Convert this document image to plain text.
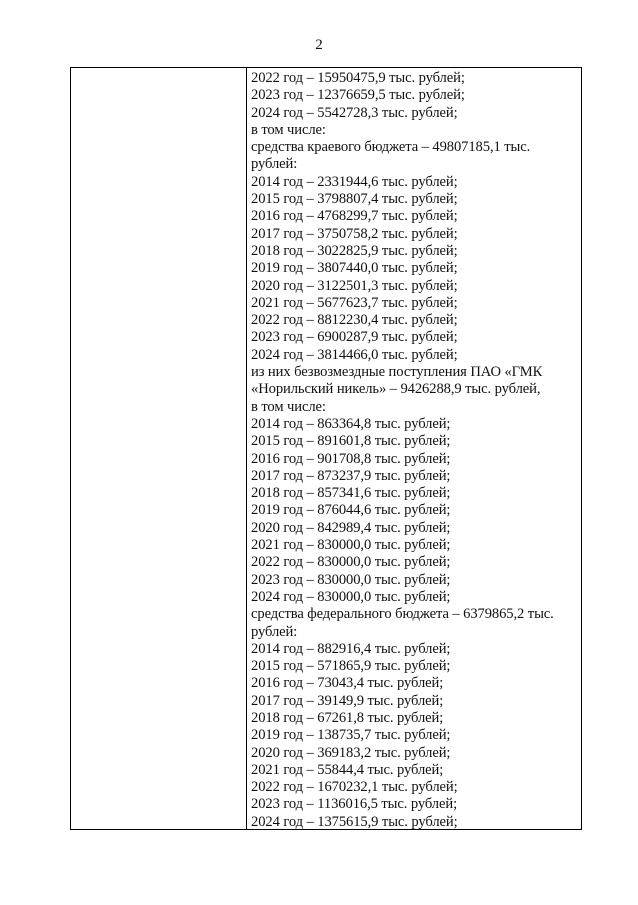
2
2022 год – 15950475,9 тыс. рублей;
2023 год – 12376659,5 тыс. рублей;
2024 год – 5542728,3 тыс. рублей;
в том числе:
средства краевого бюджета – 49807185,1 тыс.
рублей:
2014 год – 2331944,6 тыс. рублей;
2015 год – 3798807,4 тыс. рублей;
2016 год – 4768299,7 тыс. рублей;
2017 год – 3750758,2 тыс. рублей;
2018 год – 3022825,9 тыс. рублей;
2019 год – 3807440,0 тыс. рублей;
2020 год – 3122501,3 тыс. рублей;
2021 год – 5677623,7 тыс. рублей;
2022 год – 8812230,4 тыс. рублей;
2023 год – 6900287,9 тыс. рублей;
2024 год – 3814466,0 тыс. рублей;
из них безвозмездные поступления ПАО «ГМК
«Норильский никель» – 9426288,9 тыс. рублей,
в том числе:
2014 год – 863364,8 тыс. рублей;
2015 год – 891601,8 тыс. рублей;
2016 год – 901708,8 тыс. рублей;
2017 год – 873237,9 тыс. рублей;
2018 год – 857341,6 тыс. рублей;
2019 год – 876044,6 тыс. рублей;
2020 год – 842989,4 тыс. рублей;
2021 год – 830000,0 тыс. рублей;
2022 год – 830000,0 тыс. рублей;
2023 год – 830000,0 тыс. рублей;
2024 год – 830000,0 тыс. рублей;
средства федерального бюджета – 6379865,2 тыс.
рублей:
2014 год – 882916,4 тыс. рублей;
2015 год – 571865,9 тыс. рублей;
2016 год – 73043,4 тыс. рублей;
2017 год – 39149,9 тыс. рублей;
2018 год – 67261,8 тыс. рублей;
2019 год – 138735,7 тыс. рублей;
2020 год – 369183,2 тыс. рублей;
2021 год – 55844,4 тыс. рублей;
2022 год – 1670232,1 тыс. рублей;
2023 год – 1136016,5 тыс. рублей;
2024 год – 1375615,9 тыс. рублей;
